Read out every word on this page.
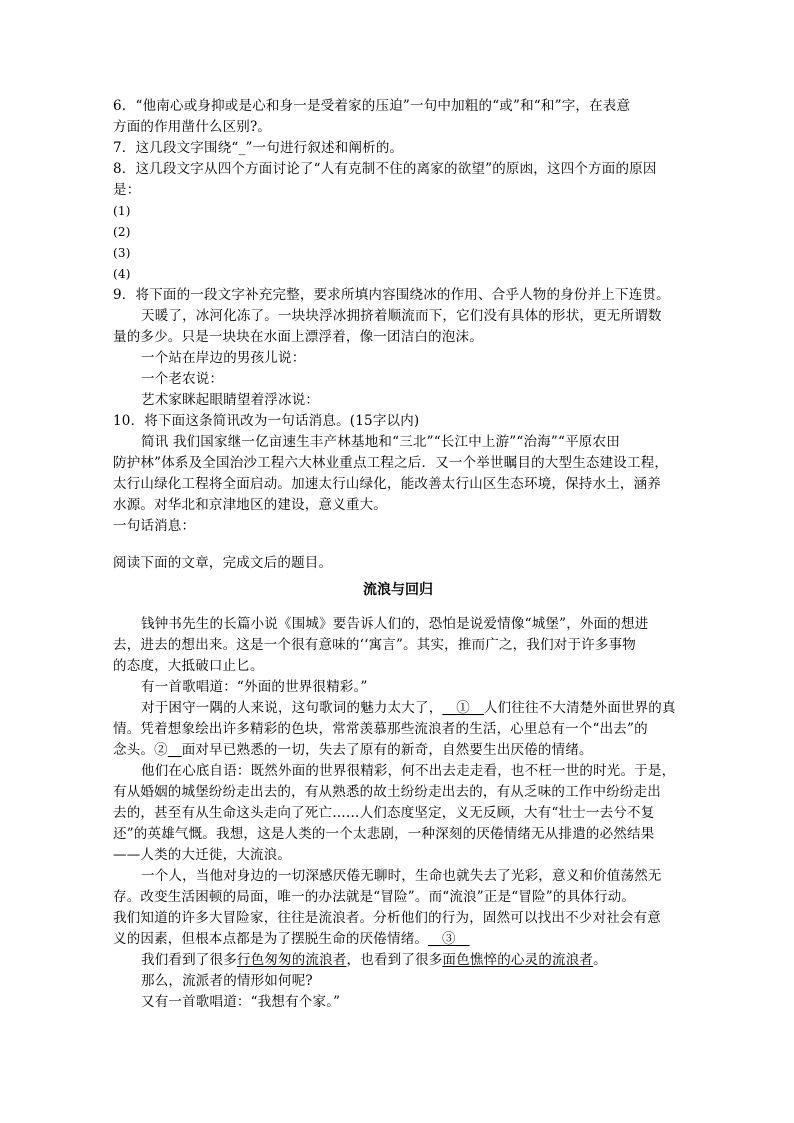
6．“他南心或身抑或是心和身一是受着家的压迫”一句中加粗的“或”和“和”字，在表意
方面的作用凿什么区别?。
7．这几段文字围绕“_”一句进行叙述和阐析的。
8．这几段文字从四个方面讨论了“人有克制不住的离家的欲望”的原凼，这四个方面的原因
是：
(1)
(2)
(3)
(4)
9．将下面的一段文字补充完整，要求所填内容围绕冰的作用、合乎人物的身份并上下连贯。
天暖了，冰河化冻了。一块块浮冰拥挤着顺流而下，它们没有具体的形状，更无所谓数
量的多少。只是一块块在水面上漂浮着，像一团洁白的泡沫。
一个站在岸边的男孩儿说：
一个老农说：
艺术家眯起眼睛望着浮冰说：
10．将下面这条简讯改为一句话消息。(15字以内)
简讯 我们国家继一亿亩速生丰产林基地和“三北”“长江中上游”“治海”“平原农田
防护林”体系及全国治沙工程六大林业重点工程之后．又一个举世瞩目的大型生态建设工程，
太行山绿化工程将全面启动。加速太行山绿化，能改善太行山区生态环境，保持水土，涵养
水源。对华北和京津地区的建设，意义重大。
一句话消息：
阅读下面的文章，完成文后的题目。
流浪与回归
钱钟书先生的长篇小说《围城》要告诉人们的，恐怕是说爱情像“城堡”，外面的想进
去，进去的想出来。这是一个很有意味的‘‘寓言”。其实，推而广之，我们对于许多事物
的态度，大抵破口止匕。
有一首歌唱道：“外面的世界很精彩。”
对于困守一隅的人来说，这句歌词的魅力太大了，__①__人们往往不大清楚外面世界的真
情。凭着想象绘出许多精彩的色块，常常羡慕那些流浪者的生活，心里总有一个“出去”的
念头。②__面对早已熟悉的一切，失去了原有的新奇，自然要生出厌倦的情绪。
他们在心底自语：既然外面的世界很精彩，何不出去走走看，也不枉一世的时光。于是，
有从婚姻的城堡纷纷走出去的，有从熟悉的故土纷纷走出去的，有从乏味的工作中纷纷走出
去的，甚至有从生命这头走向了死亡……人们态度坚定，义无反顾，大有“壮士一去兮不复
还”的英雄气慨。我想，这是人类的一个太悲剧，一种深刻的厌倦情绪无从排遣的必然结果
——人类的大迁徙，大流浪。
一个人，当他对身边的一切深感厌倦无聊时，生命也就失去了光彩，意义和价值荡然无
存。改变生活困顿的局面，唯一的办法就是“冒险”。而“流浪”正是“冒险”的具体行动。
我们知道的许多大冒险家，往往是流浪者。分析他们的行为，固然可以找出不少对社会有意
义的因素，但根本点都是为了摆脱生命的厌倦情绪。__③__
我们看到了很多行色匆匆的流浪者，也看到了很多面色憔悴的心灵的流浪者。
那么，流派者的情形如何呢?
又有一首歌唱道：“我想有个家。”
